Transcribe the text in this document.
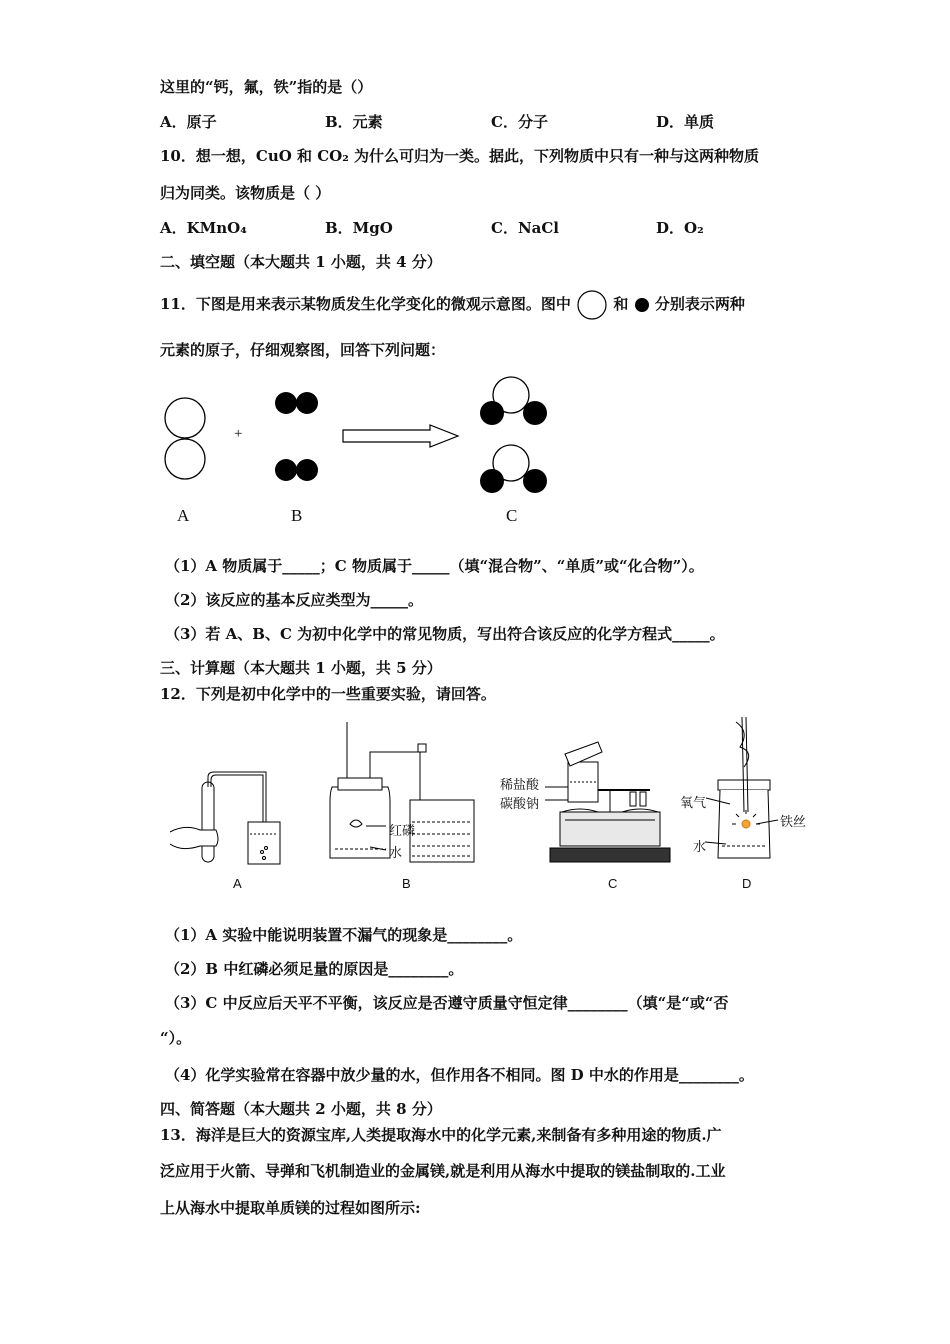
这里的“钙，氟，铁”指的是（）
A．原子	B．元素	C．分子	D．单质
10．想一想，CuO 和 CO₂ 为什么可归为一类。据此，下列物质中只有一种与这两种物质
归为同类。该物质是（ ）
A．KMnO₄	B．MgO	C．NaCl	D．O₂
二、填空题（本大题共 1 小题，共 4 分）
11．下图是用来表示某物质发生化学变化的微观示意图。图中	和 分别表示两种
元素的原子，仔细观察图，回答下列问题：
+
A	B	C
（1）A 物质属于_____；C 物质属于_____（填“混合物”、“单质”或“化合物”）。
（2）该反应的基本反应类型为_____。
（3）若 A、B、C 为初中化学中的常见物质，写出符合该反应的化学方程式_____。
三、计算题（本大题共 1 小题，共 5 分）
12．下列是初中化学中的一些重要实验，请回答。
红磷
水
稀盐酸
碳酸钠	氧气
铁丝
水
A	B	C	D
（1）A 实验中能说明装置不漏气的现象是________。
（2）B 中红磷必须足量的原因是________。
（3）C 中反应后天平不平衡，该反应是否遵守质量守恒定律________（填“是“或“否
“）。
（4）化学实验常在容器中放少量的水，但作用各不相同。图 D 中水的作用是________。
四、简答题（本大题共 2 小题，共 8 分）
13．海洋是巨大的资源宝库,人类提取海水中的化学元素,来制备有多种用途的物质.广
泛应用于火箭、导弹和飞机制造业的金属镁,就是利用从海水中提取的镁盐制取的.工业
上从海水中提取单质镁的过程如图所示:
